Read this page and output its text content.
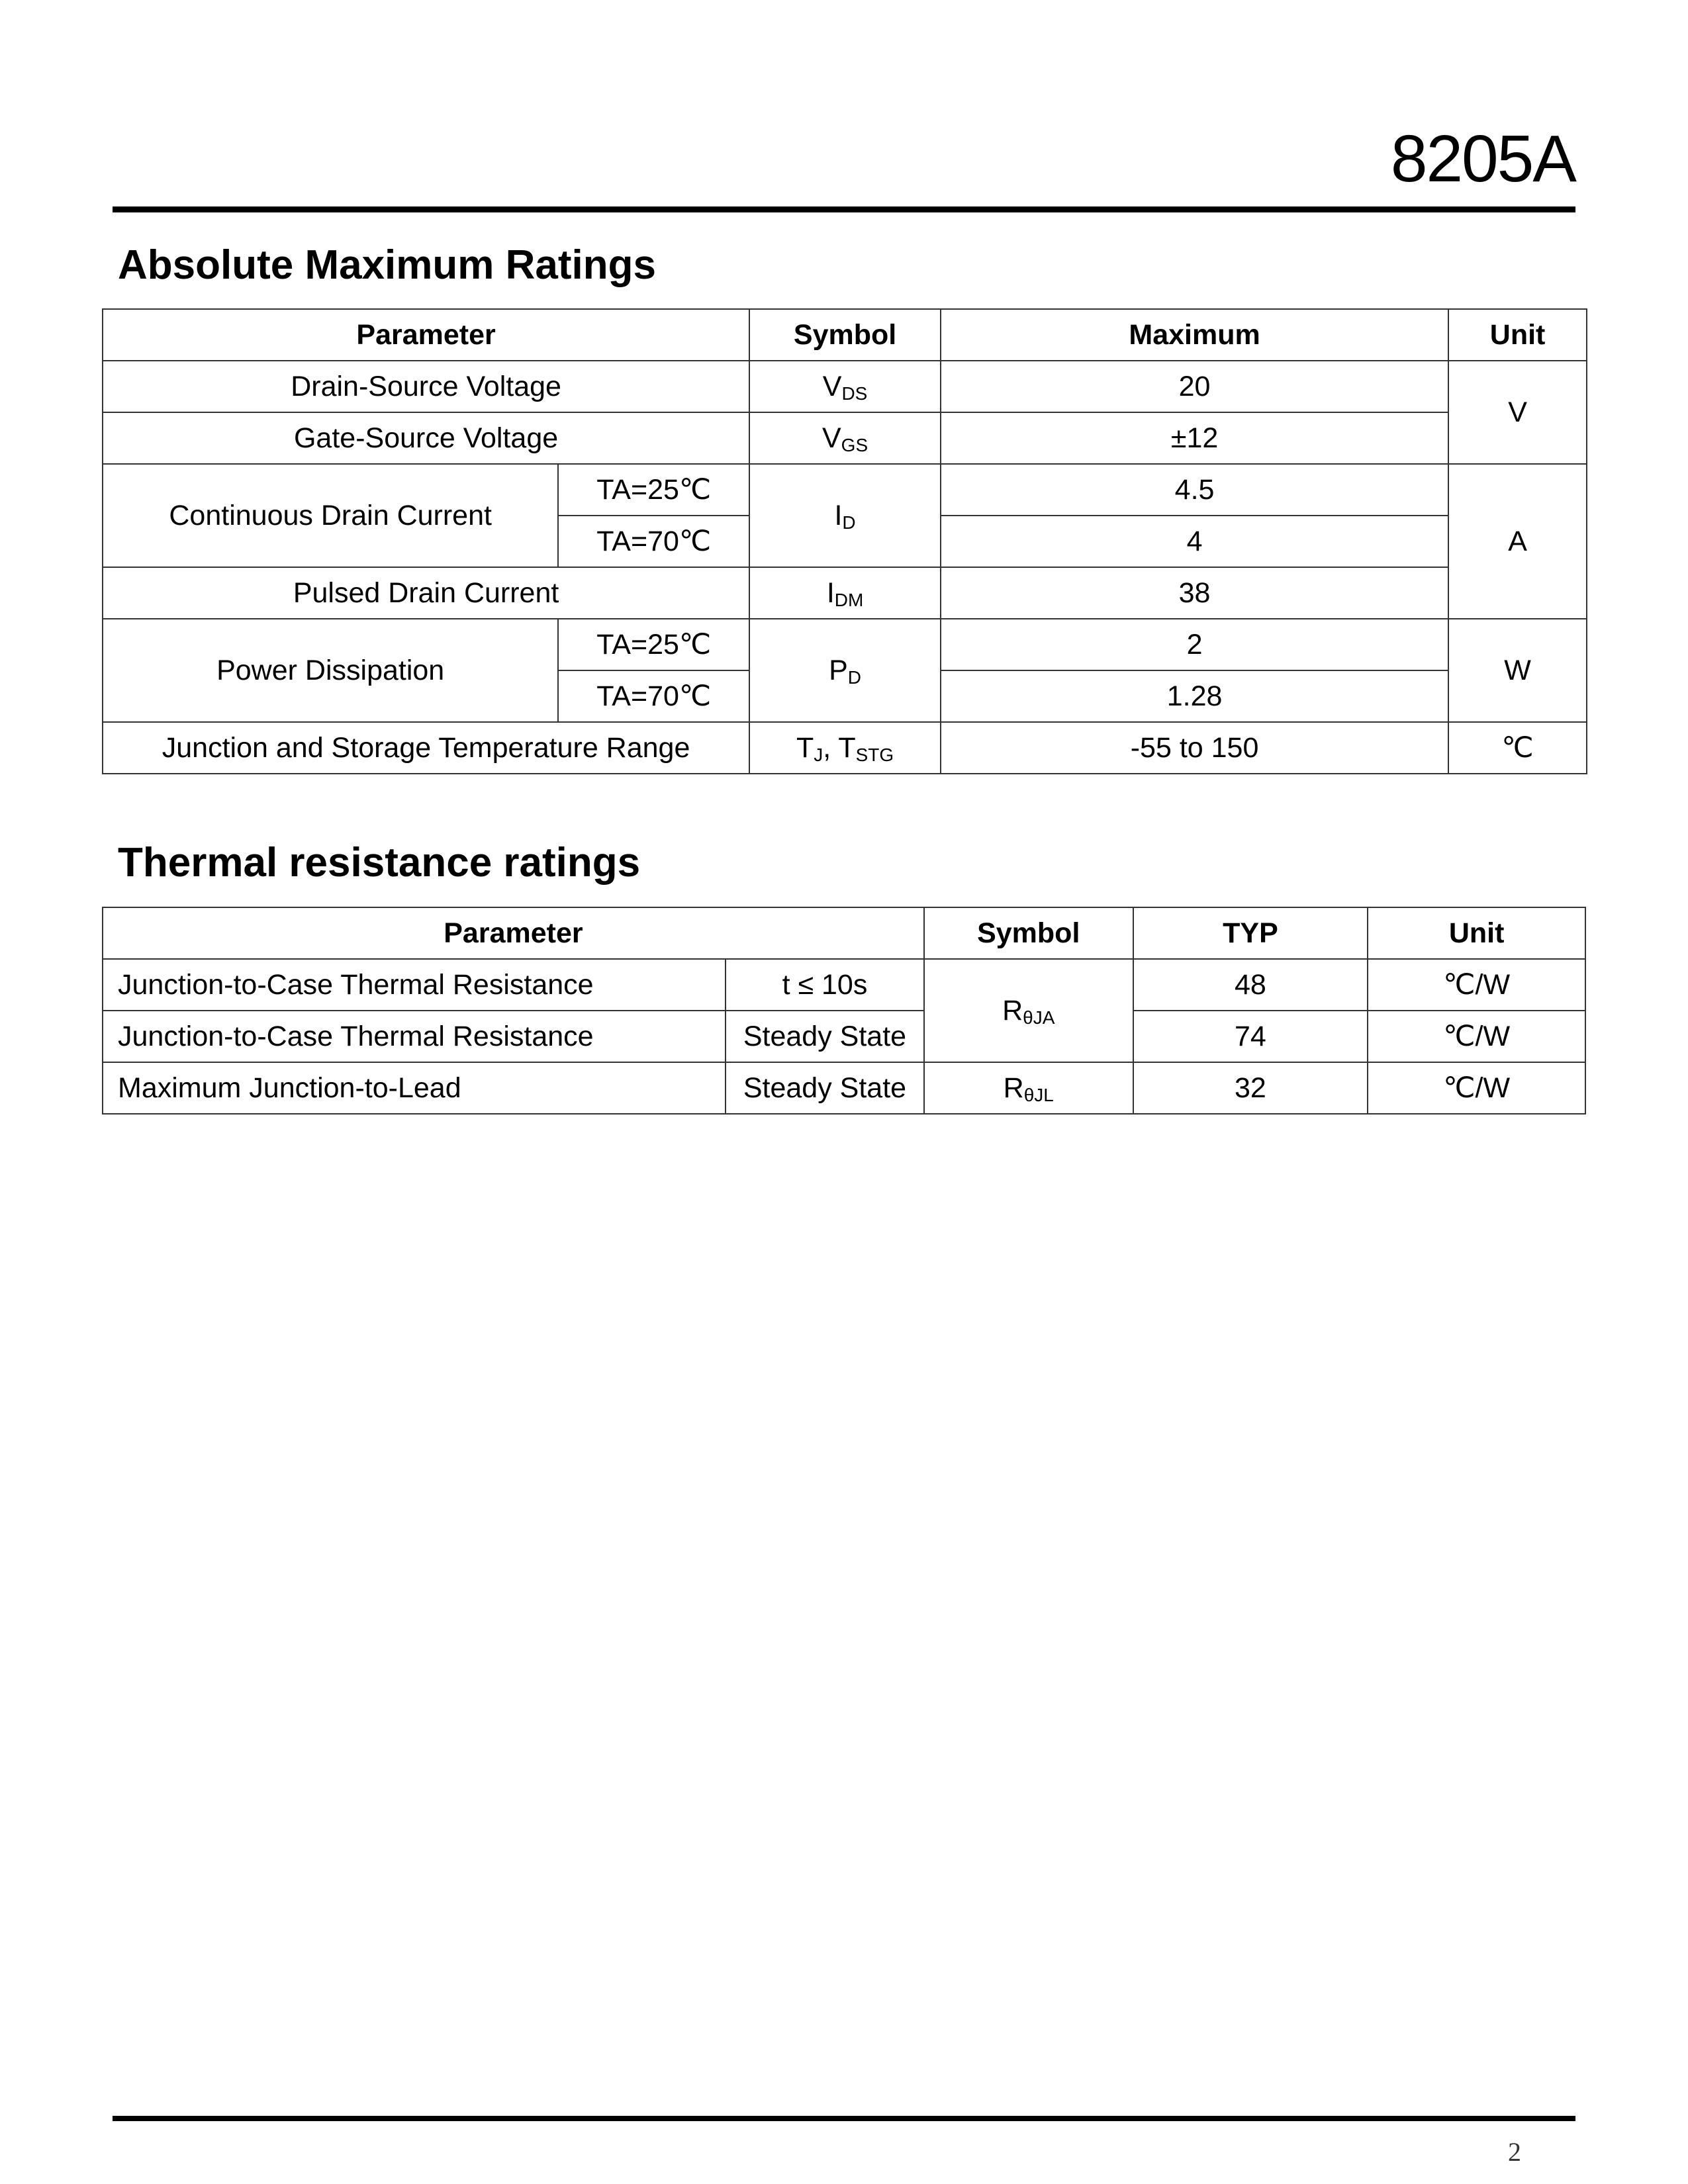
8205A
Absolute Maximum Ratings
Parameter		Symbol	Maximum	Unit
Drain-Source Voltage		$V_{DS}$	20	V
Gate-Source Voltage		$V_{GS}$	±12	
Continuous Drain Current	TA=25℃	$I_D$	4.5	A
	TA=70℃		4	
Pulsed Drain Current		$I_{DM}$	38	
Power Dissipation	TA=25℃	$P_D$	2	W
	TA=70℃		1.28	
Junction and Storage Temperature Range		$T_J$, $T_{STG}$	-55 to 150	℃
Thermal resistance ratings
Parameter		Symbol	TYP	Unit
Junction-to-Case Thermal Resistance	t ≤ 10s	$R_{\theta JA}$	48	℃/W
Junction-to-Case Thermal Resistance	Steady State		74	℃/W
Maximum Junction-to-Lead	Steady State	$R_{\theta JL}$	32	℃/W
2
